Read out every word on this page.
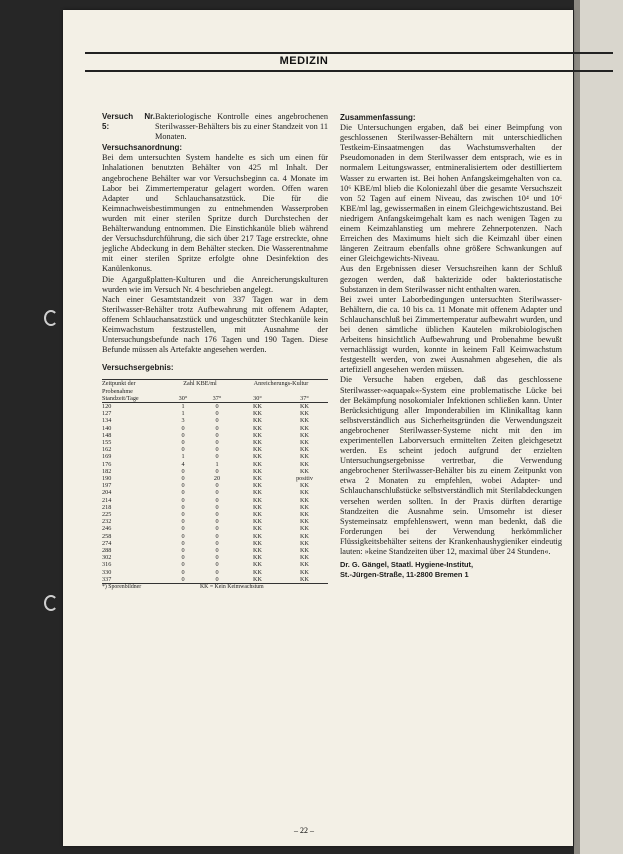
MEDIZIN
Versuch Nr. 5:
Bakteriologische Kontrolle eines angebrochenen Sterilwasser-Behälters bis zu einer Standzeit von 11 Monaten.
Versuchsanordnung:

Bei dem untersuchten System handelte es sich um einen für Inhalationen benutzten Behälter von 425 ml Inhalt. Der angebrochene Behälter war vor Versuchsbeginn ca. 4 Monate im Labor bei Zimmertemperatur gelagert worden. Offen waren Adapter und Schlauchansatzstück. Die für die Keimnachweisbestimmungen zu entnehmenden Wasserproben wurden mit einer sterilen Spritze durch Durchstechen der Behälterwandung entnommen. Die Einstichkanüle blieb während der Versuchsdurchführung, die sich über 217 Tage erstreckte, ohne jegliche Abdeckung in dem Behälter stecken. Die Wasserentnahme mit einer sterilen Spritze erfolgte ohne Desinfektion des Kanülenkonus.

Die Agargußplatten-Kulturen und die Anreicherungskulturen wurden wie im Versuch Nr. 4 beschrieben angelegt.

Nach einer Gesamtstandzeit von 337 Tagen war in dem Sterilwasser-Behälter trotz Aufbewahrung mit offenem Adapter, offenem Schlauchansatzstück und ungeschützter Stechkanüle kein Keimwachstum festzustellen, mit Ausnahme der Untersuchungsbefunde nach 176 Tagen und 190 Tagen. Diese Befunde müssen als Artefakte angesehen werden.

Versuchsergebnis:
Zeitpunkt der Probenahme	Zahl KBE/ml		Anreicherungs-Kultur	
Standzeit/Tage	30°	37°	30°	37°
120	1	0	KK	KK
127	1	0	KK	KK
134	3	0	KK	KK
140	0	0	KK	KK
148	0	0	KK	KK
155	0	0	KK	KK
162	0	0	KK	KK
169	1	0	KK	KK
176	4	1	KK	KK
182	0	0	KK	KK
190	0	20	KK	positiv
197	0	0	KK	KK
204	0	0	KK	KK
214	0	0	KK	KK
218	0	0	KK	KK
225	0	0	KK	KK
232	0	0	KK	KK
246	0	0	KK	KK
258	0	0	KK	KK
274	0	0	KK	KK
288	0	0	KK	KK
302	0	0	KK	KK
316	0	0	KK	KK
330	0	0	KK	KK
337	0	0	KK	KK
*) Sporenbildner		KK = Kein Keimwachstum		
Zusammenfassung:

Die Untersuchungen ergaben, daß bei einer Beimpfung von geschlossenen Sterilwasser-Behältern mit unterschiedlichen Testkeim-Einsaatmengen das Wachstumsverhalten der Pseudomonaden in dem Sterilwasser dem entsprach, wie es in normalem Leitungswasser, entmineralisiertem oder destilliertem Wasser zu erwarten ist. Bei hohen Anfangskeimgehalten von ca. 10⁶ KBE/ml blieb die Koloniezahl über die gesamte Versuchszeit von 52 Tagen auf einem Niveau, das zwischen 10⁴ und 10⁶ KBE/ml lag, gewissermaßen in einem Gleichgewichtszustand. Bei niedrigem Anfangskeimgehalt kam es nach wenigen Tagen zu einem Keimzahlanstieg um mehrere Zehnerpotenzen. Nach Erreichen des Maximums hielt sich die Keimzahl über einen längeren Zeitraum ebenfalls ohne größere Schwankungen auf einer Gleichgewichts-Niveau.

Aus den Ergebnissen dieser Versuchsreihen kann der Schluß gezogen werden, daß bakterizide oder bakteriostatische Substanzen in dem Sterilwasser nicht enthalten waren.

Bei zwei unter Laborbedingungen untersuchten Sterilwasser-Behältern, die ca. 10 bis ca. 11 Monate mit offenem Adapter und Schlauchanschluß bei Zimmertemperatur aufbewahrt wurden, und bei denen sämtliche üblichen Kautelen mikrobiologischen Arbeitens hinsichtlich Aufbewahrung und Probenahme bewußt vernachlässigt wurden, konnte in keinem Fall Keimwachstum festgestellt werden, von zwei Ausnahmen abgesehen, die als artefiziell angesehen werden müssen.

Die Versuche haben ergeben, daß das geschlossene Sterilwasser-»aquapak«-System eine problematische Lücke bei der Bekämpfung nosokomialer Infektionen schließen kann. Unter Berücksichtigung aller Imponderabilien im Klinikalltag kann selbstverständlich aus Sicherheitsgründen die Verwendungszeit angebrochener Sterilwasser-Systeme nicht mit den im experimentellen Laborversuch ermittelten Zeiten gleichgesetzt werden. Es scheint jedoch aufgrund der erzielten Untersuchungsergebnisse vertretbar, die Verwendung angebrochener Sterilwasser-Behälter bis zu einem Zeitpunkt von etwa 2 Monaten zu empfehlen, wobei Adapter- und Schlauchanschlußstücke selbstverständlich mit Sterilabdeckungen versehen werden sollten. In der Praxis dürften derartige Standzeiten die Ausnahme sein. Umsomehr ist dieser Systemeinsatz empfehlenswert, wenn man bedenkt, daß die Forderungen bei der Verwendung herkömmlicher Flüssigkeitsbehälter seitens der Krankenhaushygieniker eindeutig lauten: »keine Standzeiten über 12, maximal über 24 Stunden«.

Dr. G. Gängel, Staatl. Hygiene-Institut,
St.-Jürgen-Straße, 11-2800 Bremen 1
– 22 –
